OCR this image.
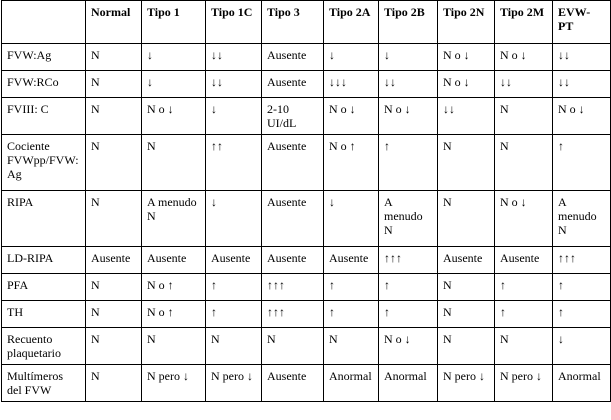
	Normal	Tipo 1	Tipo 1C	Tipo 3	Tipo 2A	Tipo 2B	Tipo 2N	Tipo 2M	EVW-PT
FVW:Ag	N	↓	↓↓	Ausente	↓	↓	N o ↓	N o ↓	↓↓
FVW:RCo	N	↓	↓↓	Ausente	↓↓↓	↓↓	N o ↓	↓↓	↓↓
FVIII: C	N	N o ↓	↓	2-10 UI/dL	N o ↓	N o ↓	↓↓	N	N o ↓
Cociente FVWpp/FVW:Ag	N	N	↑↑	Ausente	N o ↑	↑	N	N	↑
RIPA	N	A menudo N	↓	Ausente	↓	A menudo N	N	N o ↓	A menudo N
LD-RIPA	Ausente	Ausente	Ausente	Ausente	Ausente	↑↑↑	Ausente	Ausente	↑↑↑
PFA	N	N o ↑	↑	↑↑↑	↑	↑	N	↑	↑
TH	N	N o ↑	↑	↑↑↑	↑	↑	N	↑	↑
Recuento plaquetario	N	N	N	N	N	N o ↓	N	N	↓
Multímeros del FVW	N	N pero ↓	N pero ↓	Ausente	Anormal	Anormal	N pero ↓	N pero ↓	Anormal
